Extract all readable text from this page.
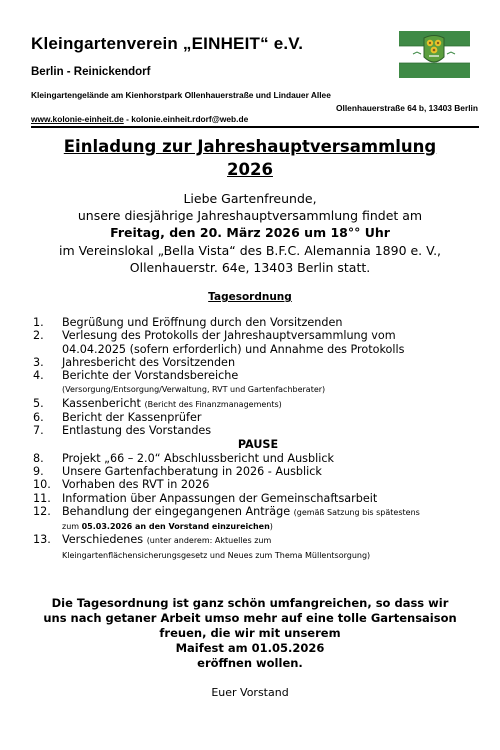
Kleingartenverein „EINHEIT“ e.V.
Berlin - Reinickendorf
Kleingartengelände am Kienhorstpark Ollenhauerstraße und Lindauer Allee
Ollenhauerstraße 64 b, 13403 Berlin
www.kolonie-einheit.de - kolonie.einheit.rdorf@web.de
Einladung zur Jahreshauptversammlung
2026
Liebe Gartenfreunde,
unsere diesjährige Jahreshauptversammlung findet am
Freitag, den 20. März 2026 um 18°° Uhr
im Vereinslokal „Bella Vista“ des B.F.C. Alemannia 1890 e. V.,
Ollenhauerstr. 64e, 13403 Berlin statt.
Tagesordnung
1. Begrüßung und Eröffnung durch den Vorsitzenden
2. Verlesung des Protokolls der Jahreshauptversammlung vom
04.04.2025 (sofern erforderlich) und Annahme des Protokolls
3. Jahresbericht des Vorsitzenden
4. Berichte der Vorstandsbereiche
(Versorgung/Entsorgung/Verwaltung, RVT und Gartenfachberater)
5. Kassenbericht (Bericht des Finanzmanagements)
6. Bericht der Kassenprüfer
7. Entlastung des Vorstandes
PAUSE
8. Projekt „66 – 2.0“ Abschlussbericht und Ausblick
9. Unsere Gartenfachberatung in 2026 - Ausblick
10. Vorhaben des RVT in 2026
11. Information über Anpassungen der Gemeinschaftsarbeit
12. Behandlung der eingegangenen Anträge (gemäß Satzung bis spätestens
zum 05.03.2026 an den Vorstand einzureichen)
13. Verschiedenes (unter anderem: Aktuelles zum
Kleingartenflächensicherungsgesetz und Neues zum Thema Müllentsorgung)
Die Tagesordnung ist ganz schön umfangreichen, so dass wir
uns nach getaner Arbeit umso mehr auf eine tolle Gartensaison
freuen, die wir mit unserem
Maifest am 01.05.2026
eröffnen wollen.
Euer Vorstand
